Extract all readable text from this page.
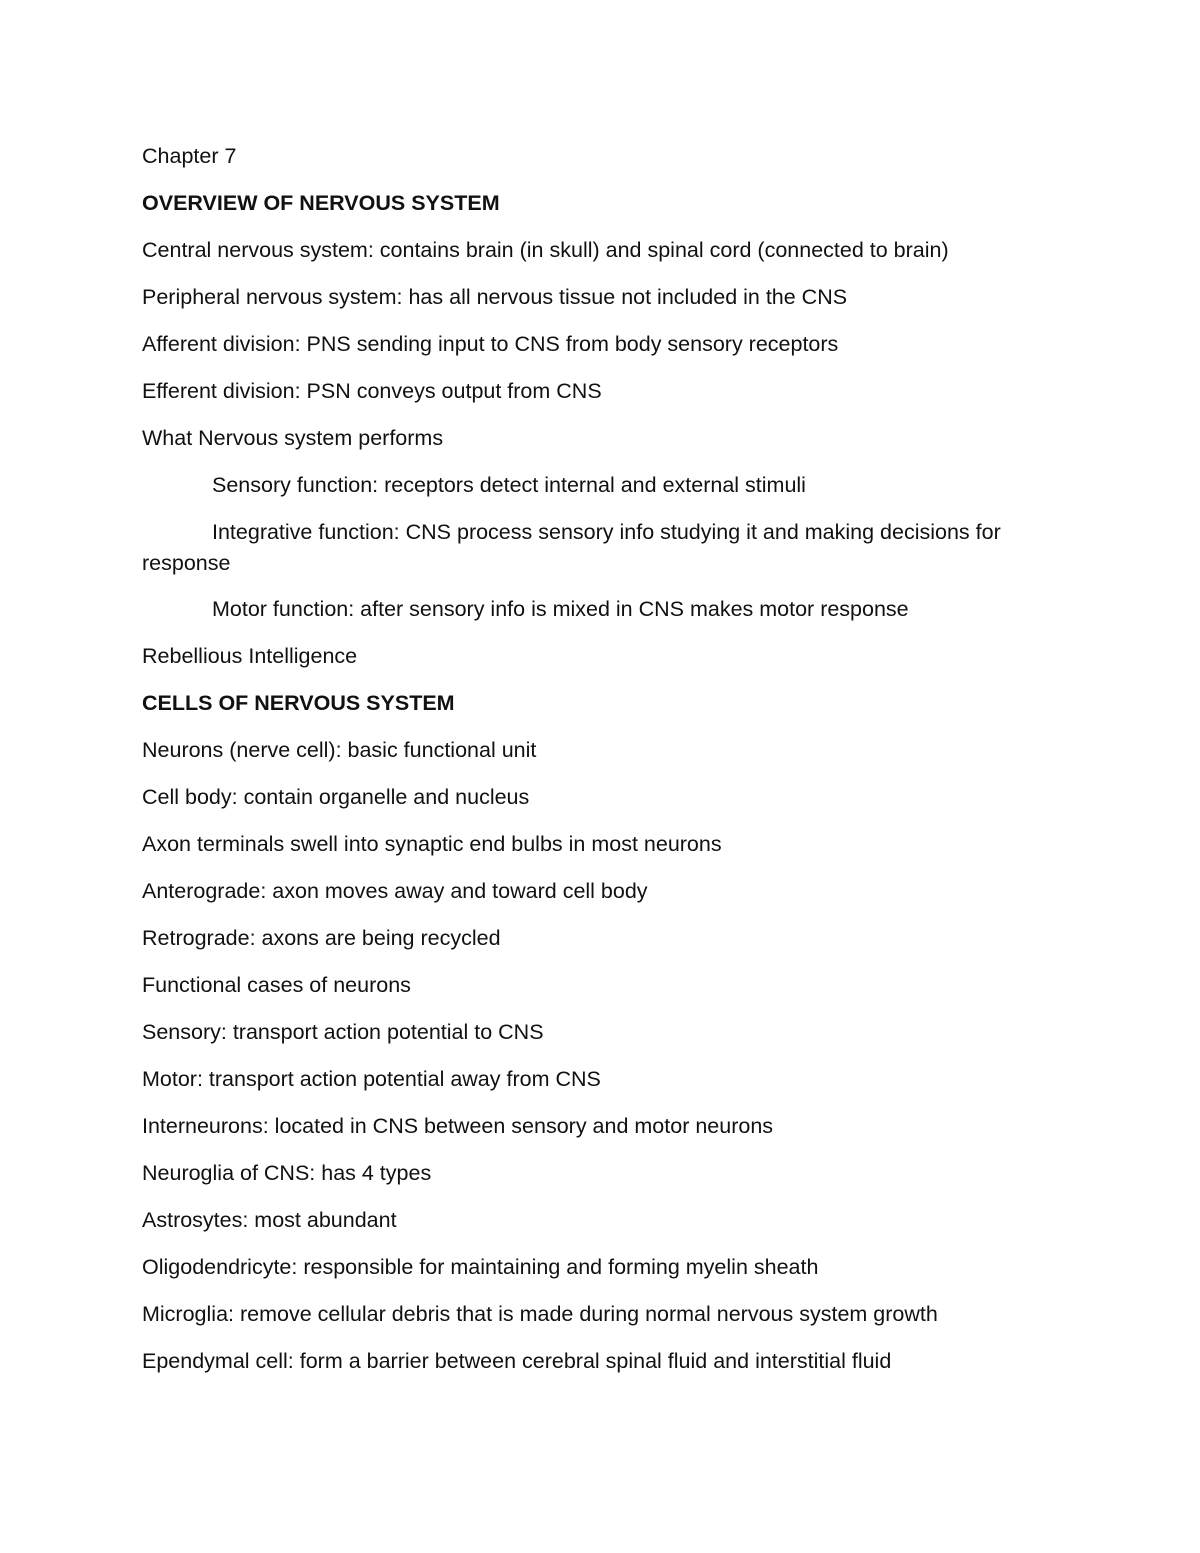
Chapter 7

OVERVIEW OF NERVOUS SYSTEM

Central nervous system: contains brain (in skull) and spinal cord (connected to brain)

Peripheral nervous system: has all nervous tissue not included in the CNS

Afferent division: PNS sending input to CNS from body sensory receptors

Efferent division: PSN conveys output from CNS

What Nervous system performs

Sensory function: receptors detect internal and external stimuli

Integrative function: CNS process sensory info studying it and making decisions for response

Motor function: after sensory info is mixed in CNS makes motor response

Rebellious Intelligence

CELLS OF NERVOUS SYSTEM

Neurons (nerve cell): basic functional unit

Cell body: contain organelle and nucleus

Axon terminals swell into synaptic end bulbs in most neurons

Anterograde: axon moves away and toward cell body

Retrograde: axons are being recycled

Functional cases of neurons

Sensory: transport action potential to CNS

Motor: transport action potential away from CNS

Interneurons: located in CNS between sensory and motor neurons

Neuroglia of CNS: has 4 types

Astrosytes: most abundant

Oligodendricyte: responsible for maintaining and forming myelin sheath

Microglia: remove cellular debris that is made during normal nervous system growth

Ependymal cell: form a barrier between cerebral spinal fluid and interstitial fluid
